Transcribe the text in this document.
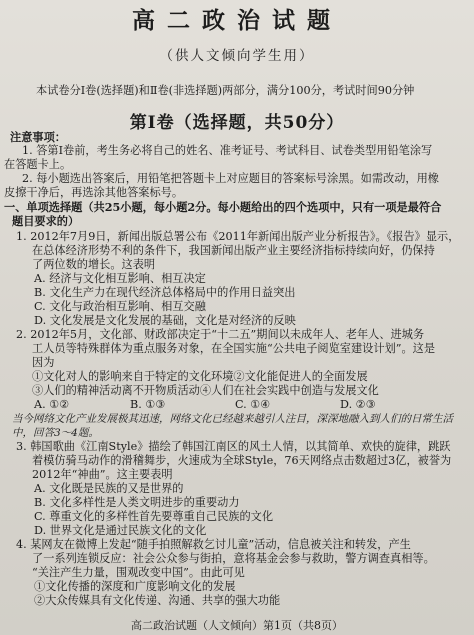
高二政治试题
（供人文倾向学生用）
本试卷分Ⅰ卷(选择题)和Ⅱ卷(非选择题)两部分，满分100分，考试时间90分钟
第Ⅰ卷（选择题，共50分）
注意事项：
1. 答第Ⅰ卷前，考生务必将自己的姓名、准考证号、考试科目、试卷类型用铅笔涂写
在答题卡上。
2. 每小题选出答案后，用铅笔把答题卡上对应题目的答案标号涂黑。如需改动，用橡
皮擦干净后，再选涂其他答案标号。
一、单项选择题（共25小题，每小题2分。每小题给出的四个选项中，只有一项是最符合
题目要求的）
1. 2012年7月9日，新闻出版总署公布《2011年新闻出版产业分析报告》。《报告》显示，
在总体经济形势不利的条件下，我国新闻出版产业主要经济指标持续向好，仍保持
了两位数的增长。这表明
A. 经济与文化相互影响、相互决定
B. 文化生产力在现代经济总体格局中的作用日益突出
C. 文化与政治相互影响、相互交融
D. 文化发展是文化发展的基础，文化是对经济的反映
2. 2012年5月，文化部、财政部决定于“十二五”期间以未成年人、老年人、进城务
工人员等特殊群体为重点服务对象，在全国实施“公共电子阅览室建设计划”。这是
因为
①文化对人的影响来自于特定的文化环境②文化能促进人的全面发展
③人们的精神活动离不开物质活动④人们在社会实践中创造与发展文化
A. ①②	B. ①③	C. ①④	D. ②③
当今网络文化产业发展极其迅速，网络文化已经越来越引人注目，深深地融入到人们的日常生活
中，回答3～4题。
3. 韩国歌曲《江南Style》描绘了韩国江南区的风土人情，以其简单、欢快的旋律，跳跃
着模仿骑马动作的滑稽舞步，火速成为全球Style，76天网络点击数超过3亿，被誉为
2012年“神曲”。这主要表明
A. 文化既是民族的又是世界的
B. 文化多样性是人类文明进步的重要动力
C. 尊重文化的多样性首先要尊重自己民族的文化
D. 世界文化是通过民族文化的文化
4. 某网友在微博上发起“随手拍照解救乞讨儿童”活动，信息被关注和转发，产生
了一系列连锁反应：社会公众参与街拍，意将基金会参与救助，警方调查真相等。
“关注产生力量，围观改变中国”。由此可见
①文化传播的深度和广度影响文化的发展
②大众传媒具有文化传递、沟通、共享的强大功能
高二政治试题（人文倾向）第1页（共8页）
